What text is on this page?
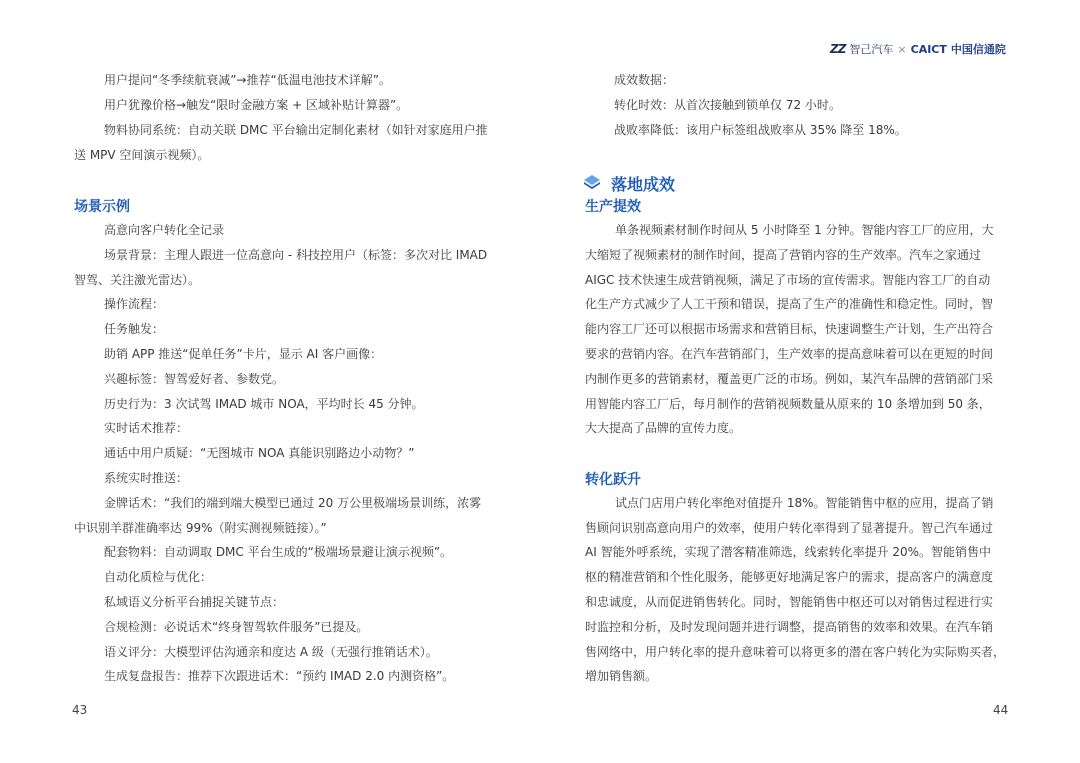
ZZ 智己汽车 × CAICT 中国信通院
用户提问“冬季续航衰减”→推荐“低温电池技术详解”。
用户犹豫价格→触发“限时金融方案 + 区域补贴计算器”。
物料协同系统：自动关联 DMC 平台输出定制化素材（如针对家庭用户推
送 MPV 空间演示视频）。
场景示例
高意向客户转化全记录
场景背景：主理人跟进一位高意向 - 科技控用户（标签：多次对比 IMAD
智驾、关注激光雷达）。
操作流程：
任务触发：
助销 APP 推送“促单任务”卡片，显示 AI 客户画像：
兴趣标签：智驾爱好者、参数党。
历史行为：3 次试驾 IMAD 城市 NOA，平均时长 45 分钟。
实时话术推荐：
通话中用户质疑：“无图城市 NOA 真能识别路边小动物？”
系统实时推送：
金牌话术：“我们的端到端大模型已通过 20 万公里极端场景训练，浓雾
中识别羊群准确率达 99%（附实测视频链接）。”
配套物料：自动调取 DMC 平台生成的“极端场景避让演示视频”。
自动化质检与优化：
私域语义分析平台捕捉关键节点：
合规检测：必说话术“终身智驾软件服务”已提及。
语义评分：大模型评估沟通亲和度达 A 级（无强行推销话术）。
生成复盘报告：推荐下次跟进话术：“预约 IMAD 2.0 内测资格”。
43
成效数据：
转化时效：从首次接触到锁单仅 72 小时。
战败率降低：该用户标签组战败率从 35% 降至 18%。
落地成效
生产提效
单条视频素材制作时间从 5 小时降至 1 分钟。智能内容工厂的应用，大
大缩短了视频素材的制作时间，提高了营销内容的生产效率。汽车之家通过
AIGC 技术快速生成营销视频，满足了市场的宣传需求。智能内容工厂的自动
化生产方式减少了人工干预和错误，提高了生产的准确性和稳定性。同时，智
能内容工厂还可以根据市场需求和营销目标，快速调整生产计划，生产出符合
要求的营销内容。在汽车营销部门，生产效率的提高意味着可以在更短的时间
内制作更多的营销素材，覆盖更广泛的市场。例如，某汽车品牌的营销部门采
用智能内容工厂后，每月制作的营销视频数量从原来的 10 条增加到 50 条，
大大提高了品牌的宣传力度。
转化跃升
试点门店用户转化率绝对值提升 18%。智能销售中枢的应用，提高了销
售顾问识别高意向用户的效率，使用户转化率得到了显著提升。智己汽车通过
AI 智能外呼系统，实现了潜客精准筛选，线索转化率提升 20%。智能销售中
枢的精准营销和个性化服务，能够更好地满足客户的需求，提高客户的满意度
和忠诚度，从而促进销售转化。同时，智能销售中枢还可以对销售过程进行实
时监控和分析，及时发现问题并进行调整，提高销售的效率和效果。在汽车销
售网络中，用户转化率的提升意味着可以将更多的潜在客户转化为实际购买者，
增加销售额。
44
